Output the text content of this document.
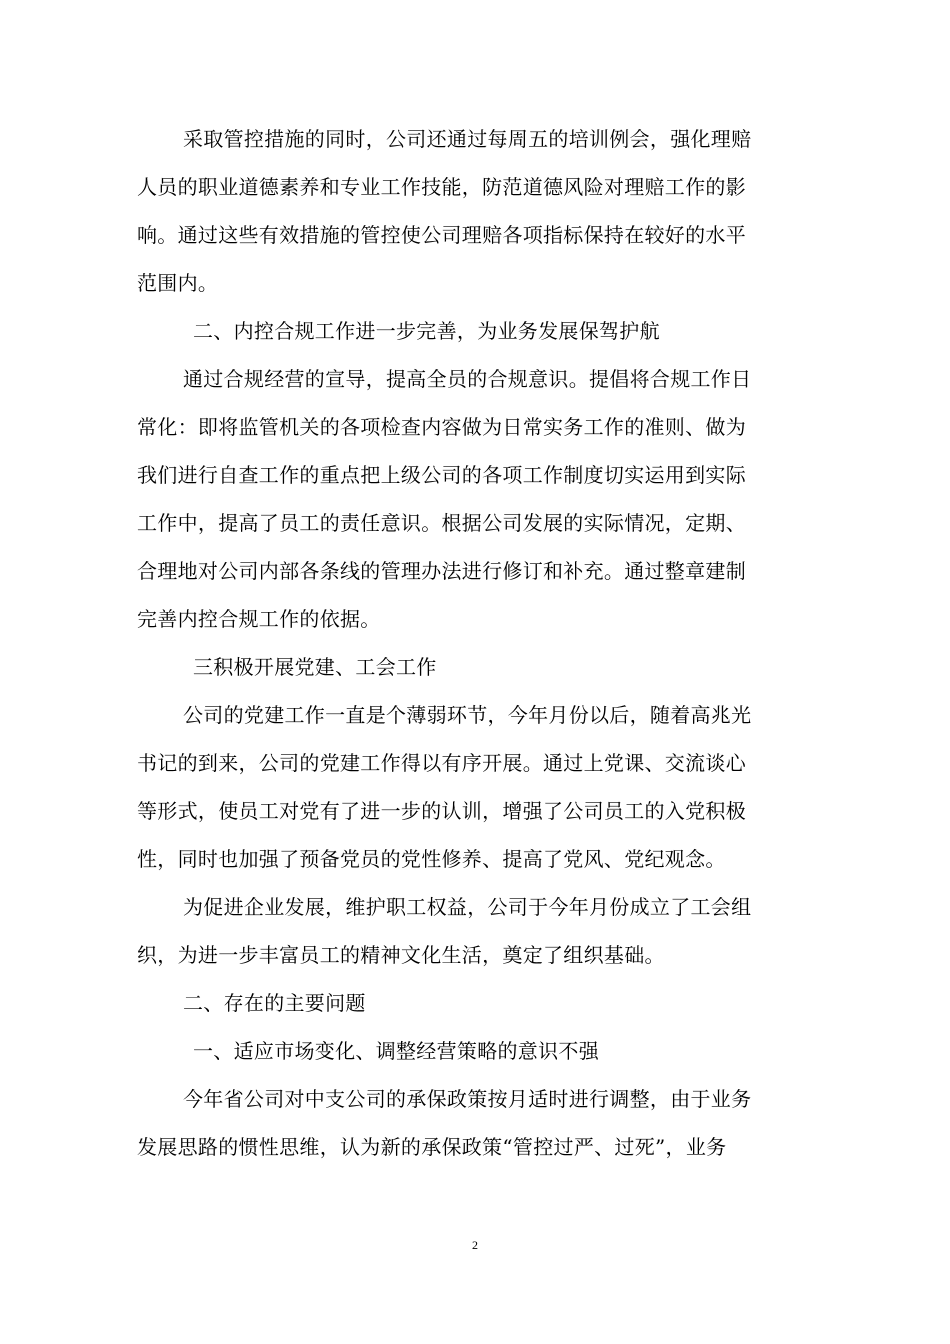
采取管控措施的同时，公司还通过每周五的培训例会，强化理赔
人员的职业道德素养和专业工作技能，防范道德风险对理赔工作的影
响。通过这些有效措施的管控使公司理赔各项指标保持在较好的水平
范围内。
二、内控合规工作进一步完善，为业务发展保驾护航
通过合规经营的宣导，提高全员的合规意识。提倡将合规工作日
常化：即将监管机关的各项检查内容做为日常实务工作的准则、做为
我们进行自查工作的重点把上级公司的各项工作制度切实运用到实际
工作中，提高了员工的责任意识。根据公司发展的实际情况，定期、
合理地对公司内部各条线的管理办法进行修订和补充。通过整章建制
完善内控合规工作的依据。
三积极开展党建、工会工作
公司的党建工作一直是个薄弱环节，今年月份以后，随着高兆光
书记的到来，公司的党建工作得以有序开展。通过上党课、交流谈心
等形式，使员工对党有了进一步的认训，增强了公司员工的入党积极
性，同时也加强了预备党员的党性修养、提高了党风、党纪观念。
为促进企业发展，维护职工权益，公司于今年月份成立了工会组
织，为进一步丰富员工的精神文化生活，奠定了组织基础。
二、存在的主要问题
一、适应市场变化、调整经营策略的意识不强
今年省公司对中支公司的承保政策按月适时进行调整，由于业务
发展思路的惯性思维，认为新的承保政策“管控过严、过死”，业务
2
